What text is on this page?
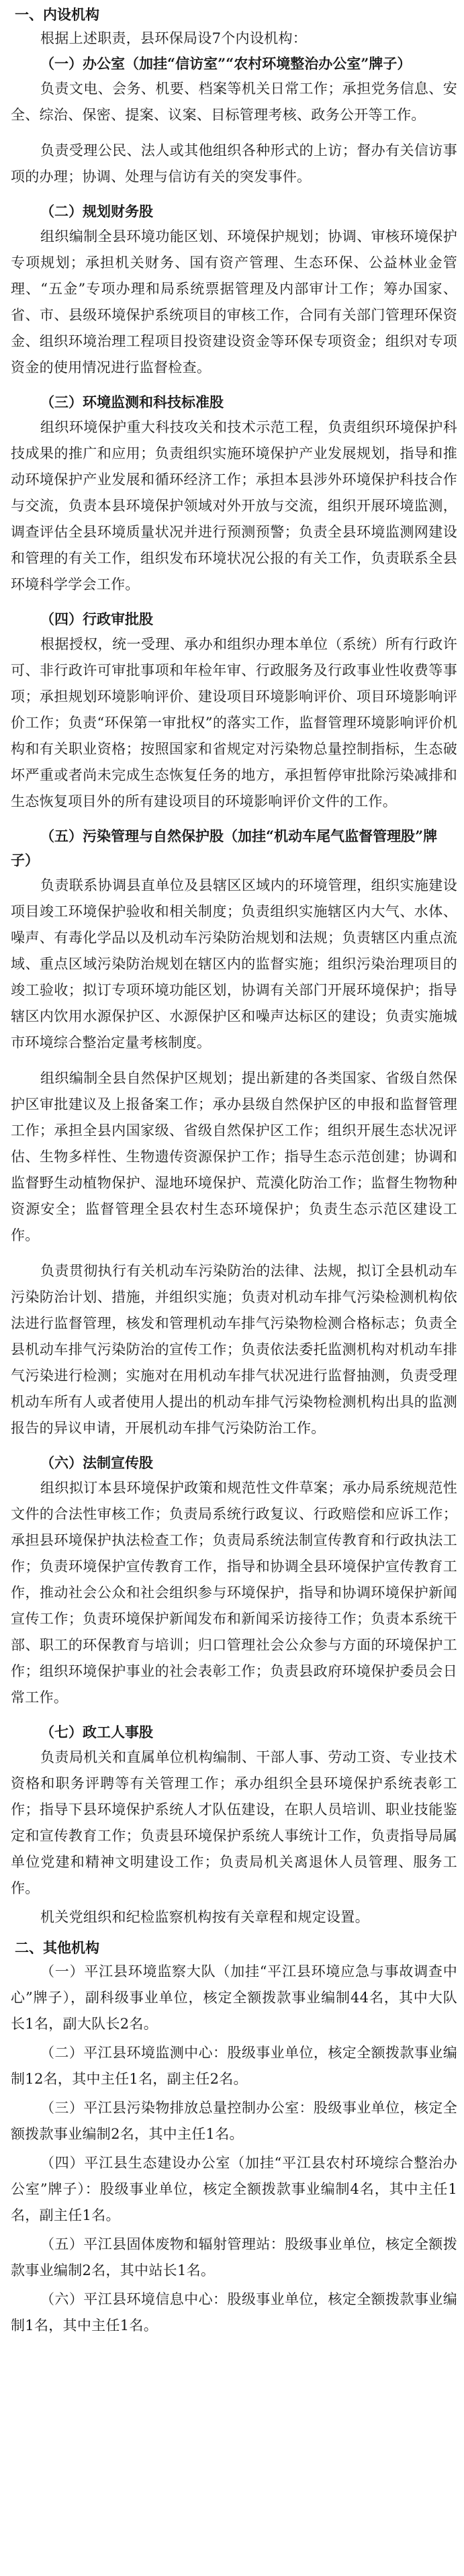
一、内设机构

根据上述职责，县环保局设7个内设机构：

（一）办公室（加挂“信访室”“农村环境整治办公室”牌子）

负责文电、会务、机要、档案等机关日常工作；承担党务信息、安全、综治、保密、提案、议案、目标管理考核、政务公开等工作。

负责受理公民、法人或其他组织各种形式的上访；督办有关信访事项的办理；协调、处理与信访有关的突发事件。

（二）规划财务股

组织编制全县环境功能区划、环境保护规划；协调、审核环境保护专项规划；承担机关财务、国有资产管理、生态环保、公益林业金管理、“五金”专项办理和局系统票据管理及内部审计工作；筹办国家、省、市、县级环境保护系统项目的审核工作，合同有关部门管理环保资金、组织环境治理工程项目投资建设资金等环保专项资金；组织对专项资金的使用情况进行监督检查。

（三）环境监测和科技标准股

组织环境保护重大科技攻关和技术示范工程，负责组织环境保护科技成果的推广和应用；负责组织实施环境保护产业发展规划，指导和推动环境保护产业发展和循环经济工作；承担本县涉外环境保护科技合作与交流，负责本县环境保护领域对外开放与交流，组织开展环境监测，调查评估全县环境质量状况并进行预测预警；负责全县环境监测网建设和管理的有关工作，组织发布环境状况公报的有关工作，负责联系全县环境科学学会工作。

（四）行政审批股

根据授权，统一受理、承办和组织办理本单位（系统）所有行政许可、非行政许可审批事项和年检年审、行政服务及行政事业性收费等事项；承担规划环境影响评价、建设项目环境影响评价、项目环境影响评价工作；负责“环保第一审批权”的落实工作，监督管理环境影响评价机构和有关职业资格；按照国家和省规定对污染物总量控制指标，生态破坏严重或者尚未完成生态恢复任务的地方，承担暂停审批除污染减排和生态恢复项目外的所有建设项目的环境影响评价文件的工作。

（五）污染管理与自然保护股（加挂“机动车尾气监督管理股”牌子）

负责联系协调县直单位及县辖区区域内的环境管理，组织实施建设项目竣工环境保护验收和相关制度；负责组织实施辖区内大气、水体、噪声、有毒化学品以及机动车污染防治规划和法规；负责辖区内重点流域、重点区域污染防治规划在辖区内的监督实施；组织污染治理项目的竣工验收；拟订专项环境功能区划，协调有关部门开展环境保护；指导辖区内饮用水源保护区、水源保护区和噪声达标区的建设；负责实施城市环境综合整治定量考核制度。

组织编制全县自然保护区规划；提出新建的各类国家、省级自然保护区审批建议及上报备案工作；承办县级自然保护区的申报和监督管理工作；承担全县内国家级、省级自然保护区工作；组织开展生态状况评估、生物多样性、生物遗传资源保护工作；指导生态示范创建；协调和监督野生动植物保护、湿地环境保护、荒漠化防治工作；监督生物物种资源安全；监督管理全县农村生态环境保护；负责生态示范区建设工作。

负责贯彻执行有关机动车污染防治的法律、法规，拟订全县机动车污染防治计划、措施，并组织实施；负责对机动车排气污染检测机构依法进行监督管理，核发和管理机动车排气污染物检测合格标志；负责全县机动车排气污染防治的宣传工作；负责依法委托监测机构对机动车排气污染进行检测；实施对在用机动车排气状况进行监督抽测，负责受理机动车所有人或者使用人提出的机动车排气污染物检测机构出具的监测报告的异议申请，开展机动车排气污染防治工作。

（六）法制宣传股

组织拟订本县环境保护政策和规范性文件草案；承办局系统规范性文件的合法性审核工作；负责局系统行政复议、行政赔偿和应诉工作；承担县环境保护执法检查工作；负责局系统法制宣传教育和行政执法工作；负责环境保护宣传教育工作，指导和协调全县环境保护宣传教育工作，推动社会公众和社会组织参与环境保护，指导和协调环境保护新闻宣传工作；负责环境保护新闻发布和新闻采访接待工作；负责本系统干部、职工的环保教育与培训；归口管理社会公众参与方面的环境保护工作；组织环境保护事业的社会表彰工作；负责县政府环境保护委员会日常工作。

（七）政工人事股

负责局机关和直属单位机构编制、干部人事、劳动工资、专业技术资格和职务评聘等有关管理工作；承办组织全县环境保护系统表彰工作；指导下县环境保护系统人才队伍建设，在职人员培训、职业技能鉴定和宣传教育工作；负责县环境保护系统人事统计工作，负责指导局属单位党建和精神文明建设工作；负责局机关离退休人员管理、服务工作。

机关党组织和纪检监察机构按有关章程和规定设置。

二、其他机构

（一）平江县环境监察大队（加挂“平江县环境应急与事故调查中心”牌子），副科级事业单位，核定全额拨款事业编制44名，其中大队长1名，副大队长2名。

（二）平江县环境监测中心：股级事业单位，核定全额拨款事业编制12名，其中主任1名，副主任2名。

（三）平江县污染物排放总量控制办公室：股级事业单位，核定全额拨款事业编制2名，其中主任1名。

（四）平江县生态建设办公室（加挂“平江县农村环境综合整治办公室”牌子）：股级事业单位，核定全额拨款事业编制4名，其中主任1名，副主任1名。

（五）平江县固体废物和辐射管理站：股级事业单位，核定全额拨款事业编制2名，其中站长1名。

（六）平江县环境信息中心：股级事业单位，核定全额拨款事业编制1名，其中主任1名。
